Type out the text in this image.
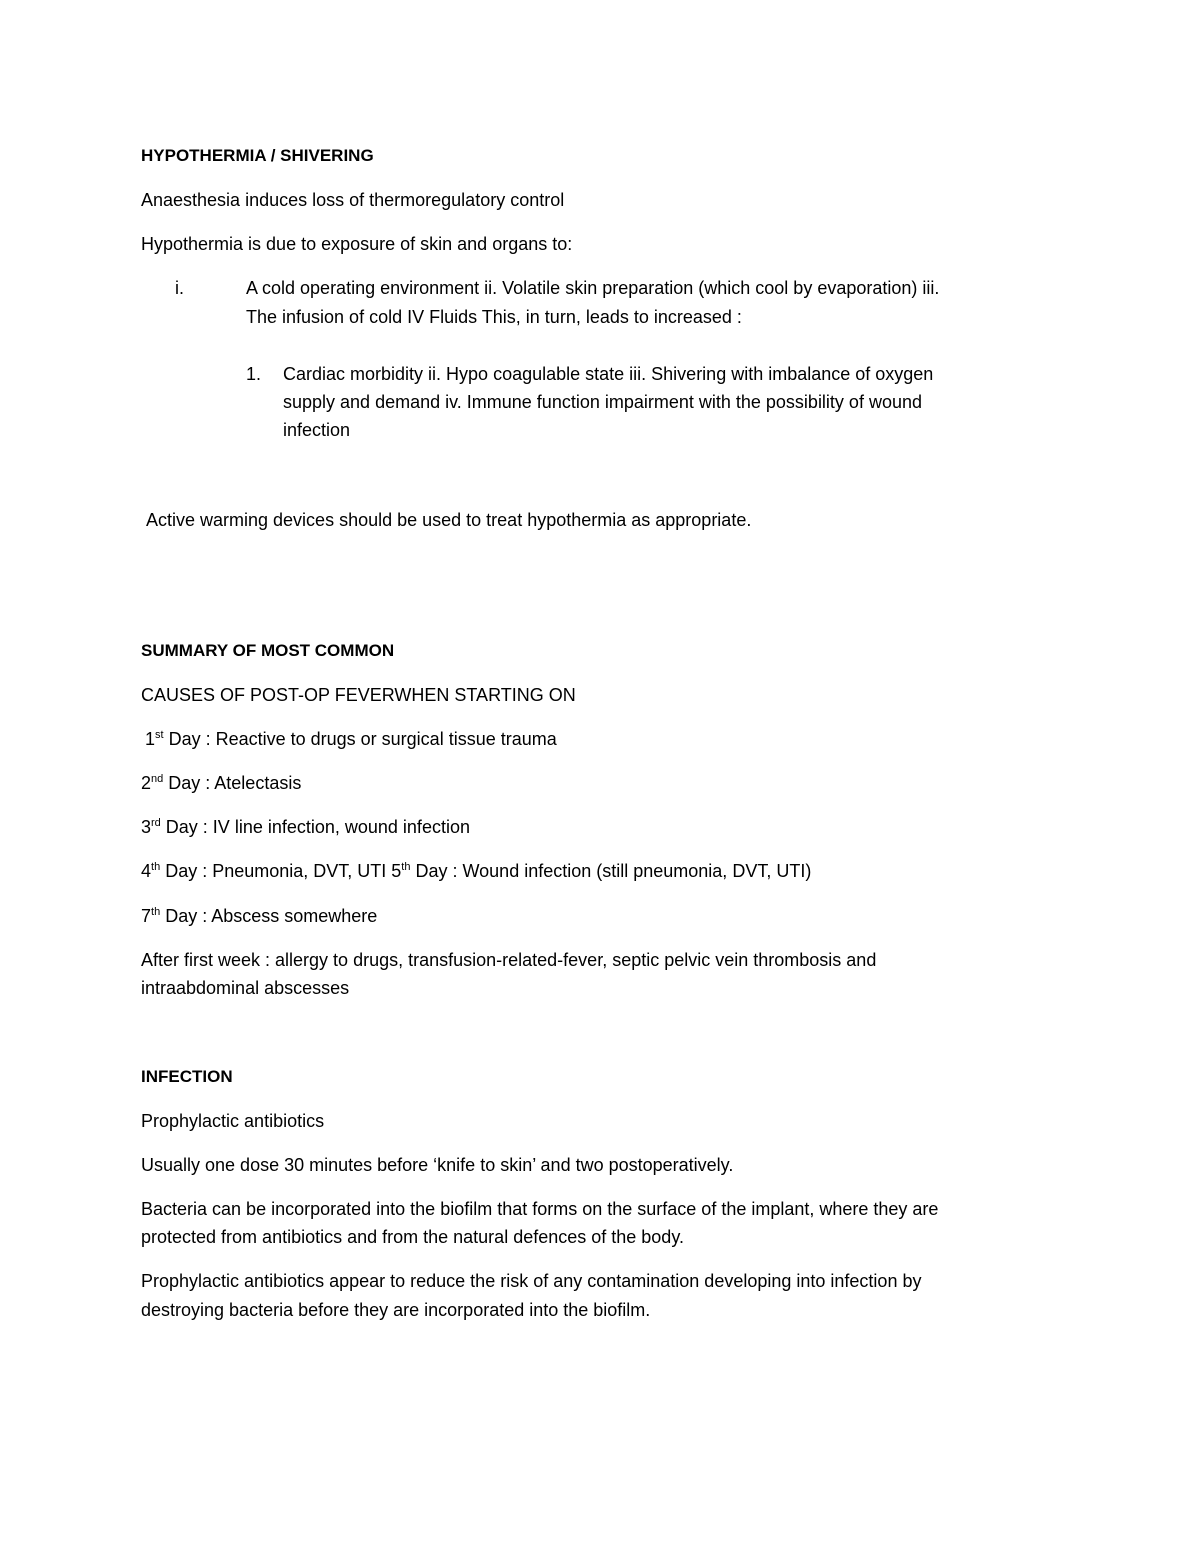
HYPOTHERMIA / SHIVERING
Anaesthesia induces loss of thermoregulatory control
Hypothermia is due to exposure of skin and organs to:
i.	A cold operating environment ii. Volatile skin preparation (which cool by evaporation) iii.
The infusion of cold IV Fluids This, in turn, leads to increased :
1. Cardiac morbidity ii. Hypo coagulable state iii. Shivering with imbalance of oxygen
supply and demand iv. Immune function impairment with the possibility of wound
infection
Active warming devices should be used to treat hypothermia as appropriate.
SUMMARY OF MOST COMMON
CAUSES OF POST-OP FEVERWHEN STARTING ON
1st Day : Reactive to drugs or surgical tissue trauma
2nd Day : Atelectasis
3rd Day : IV line infection, wound infection
4th Day : Pneumonia, DVT, UTI 5th Day : Wound infection (still pneumonia, DVT, UTI)
7th Day : Abscess somewhere
After first week : allergy to drugs, transfusion-related-fever, septic pelvic vein thrombosis and
intraabdominal abscesses
INFECTION
Prophylactic antibiotics
Usually one dose 30 minutes before ‘knife to skin’ and two postoperatively.
Bacteria can be incorporated into the biofilm that forms on the surface of the implant, where they are
protected from antibiotics and from the natural defences of the body.
Prophylactic antibiotics appear to reduce the risk of any contamination developing into infection by
destroying bacteria before they are incorporated into the biofilm.
